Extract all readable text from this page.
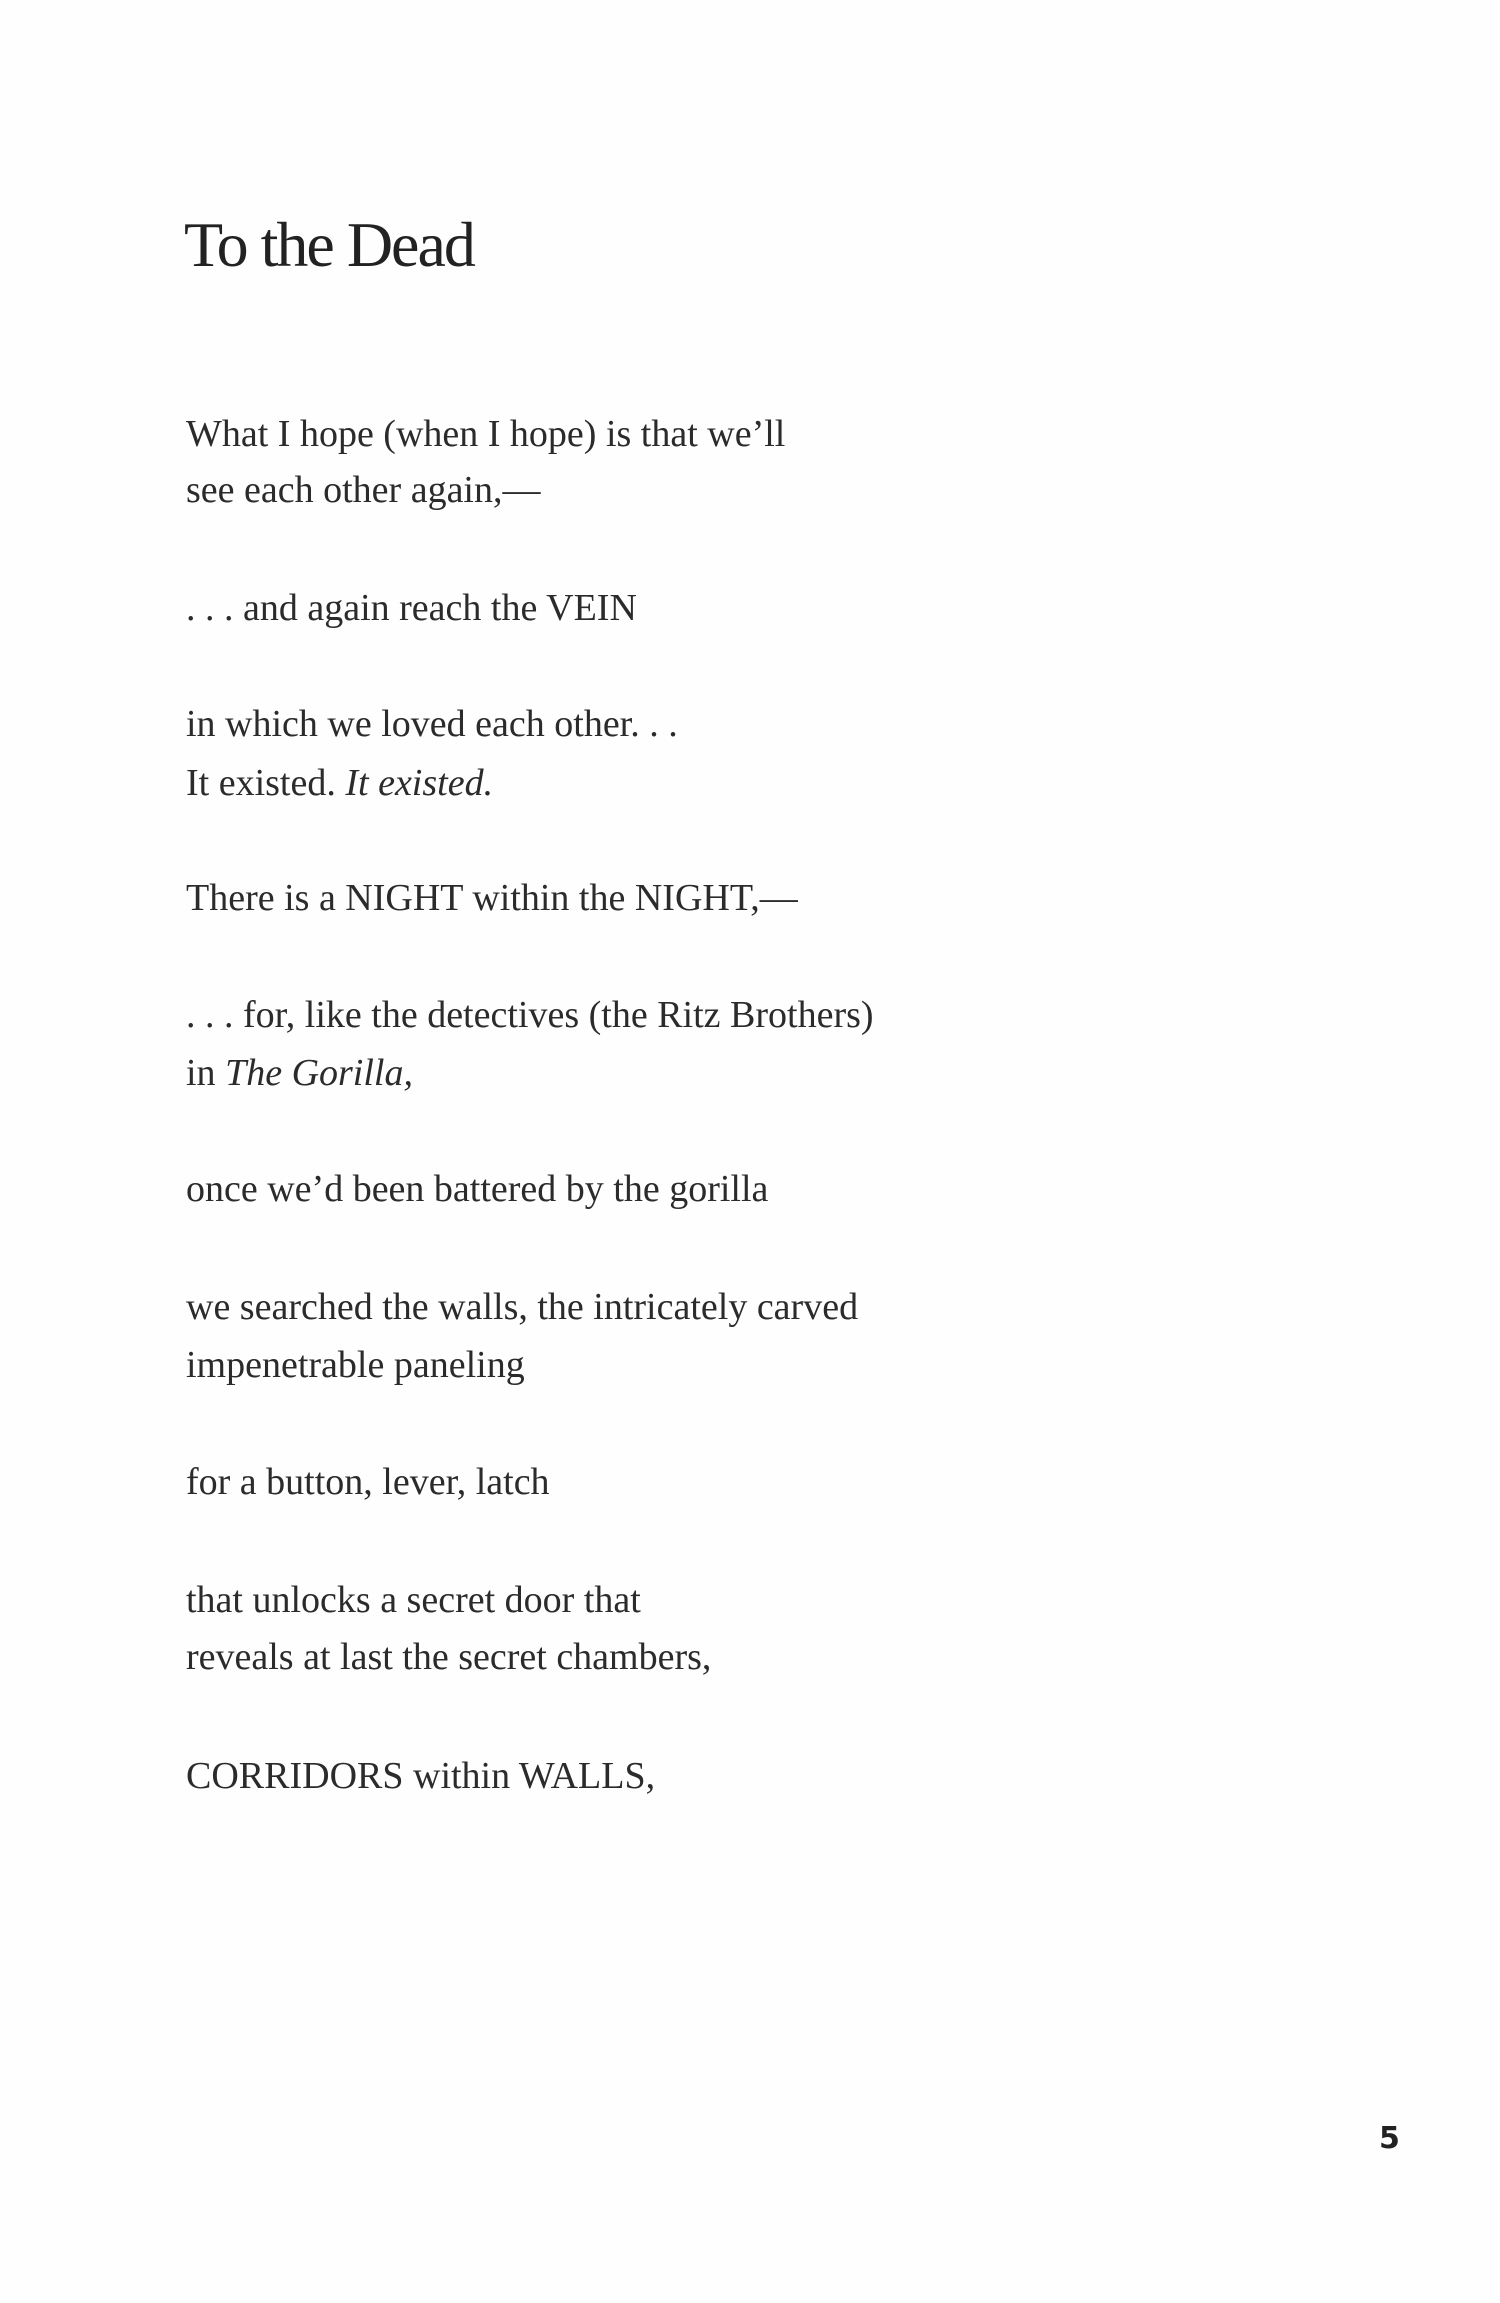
To the Dead

What I hope (when I hope) is that we’ll

see each other again,—

. . . and again reach the VEIN

in which we loved each other. . .

It existed. It existed.

There is a NIGHT within the NIGHT,—

. . . for, like the detectives (the Ritz Brothers)

in The Gorilla,

once we’d been battered by the gorilla

we searched the walls, the intricately carved

impenetrable paneling

for a button, lever, latch

that unlocks a secret door that

reveals at last the secret chambers,

CORRIDORS within WALLS,

5
